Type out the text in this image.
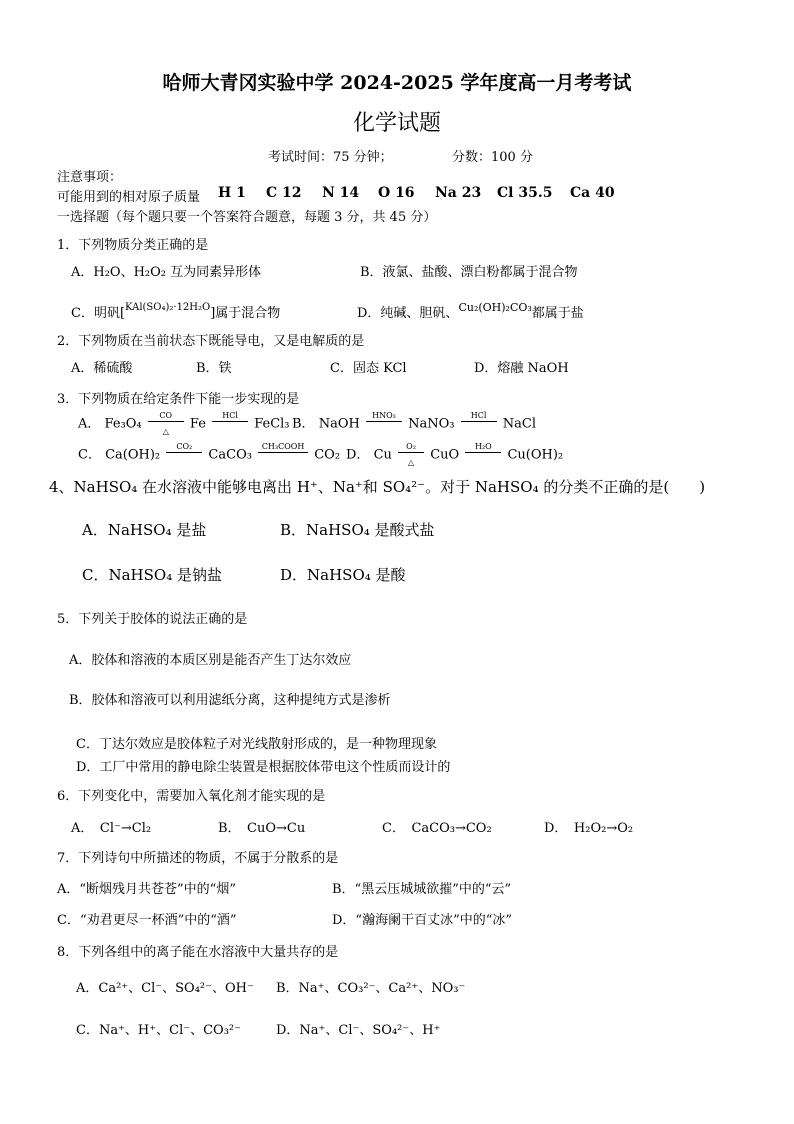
哈师大青冈实验中学 2024-2025 学年度高一月考考试
化学试题
考试时间：75 分钟；	分数：100 分
注意事项：
可能用到的相对原子质量 H 1 C 12 N 14 O 16 Na 23 Cl 35.5 Ca 40
一选择题（每个题只要一个答案符合题意，每题 3 分，共 45 分）
1．下列物质分类正确的是
A．H₂O、H₂O₂ 互为同素异形体	B．液氯、盐酸、漂白粉都属于混合物
C．明矾[$^{KAl(SO_4)_2\cdot 12H_2O}$]属于混合物	D．纯碱、胆矾、$^{Cu_2(OH)_2CO_3}$都属于盐
2．下列物质在当前状态下既能导电，又是电解质的是
A．稀硫酸	B．铁	C．固态 KCl	D．熔融 NaOH
3．下列物质在给定条件下能一步实现的是
A． $Fe_3O_4 \frac{CO}{\triangle}$ Fe HCl

FeCl₃ B． NaOH HNO₃

NaNO₃ HCl

NaCl
C． Ca(OH)₂ CO₂

CaCO₃ CH₃COOH

CO₂ D． Cu $\frac{\text{O₂}}{\triangle}$ CuO H₂O

Cu(OH)₂
4、NaHSO₄ 在水溶液中能够电离出 H⁺、Na⁺和 SO₄²⁻。对于 NaHSO₄ 的分类不正确的是(　　)
A．NaHSO₄ 是盐	B．NaHSO₄ 是酸式盐
C．NaHSO₄ 是钠盐	D．NaHSO₄ 是酸
5．下列关于胶体的说法正确的是
A．胶体和溶液的本质区别是能否产生丁达尔效应
B．胶体和溶液可以利用滤纸分离，这种提纯方式是渗析
C．丁达尔效应是胶体粒子对光线散射形成的，是一种物理现象
D．工厂中常用的静电除尘装置是根据胶体带电这个性质而设计的
6．下列变化中，需要加入氧化剂才能实现的是
A．　Cl⁻→Cl₂	B．　CuO→Cu	C．　CaCO₃→CO₂	D．　H₂O₂→O₂
7．下列诗句中所描述的物质，不属于分散系的是
A．“断烟残月共苍苍”中的“烟”	B．“黑云压城城欲摧”中的“云”
C．“劝君更尽一杯酒”中的“酒”	D．“瀚海阑干百丈冰”中的“冰”
8．下列各组中的离子能在水溶液中大量共存的是
A．Ca²⁺、Cl⁻、SO₄²⁻、OH⁻ B．Na⁺、CO₃²⁻、Ca²⁺、NO₃⁻
C．Na⁺、H⁺、Cl⁻、CO₃²⁻	D．Na⁺、Cl⁻、SO₄²⁻、H⁺
